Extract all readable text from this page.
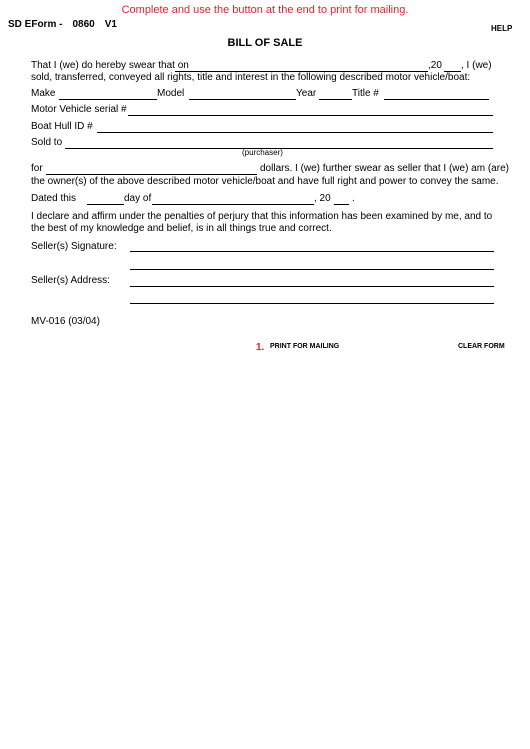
Complete and use the button at the end to print for mailing.
SD EForm - 0860 V1	HELP
BILL OF SALE
That I (we) do hereby swear that on	,20 , I (we)
sold, transferred, conveyed all rights, title and interest in the following described motor vehicle/boat:
Make	Model	Year	Title #
Motor Vehicle serial #
Boat Hull ID #
Sold to
(purchaser)
for	dollars. I (we) further swear as seller that I (we) am (are)
the owner(s) of the above described motor vehicle/boat and have full right and power to convey the same.
Dated this	day of	, 20 .
I declare and affirm under the penalties of perjury that this information has been examined by me, and to
the best of my knowledge and belief, is in all things true and correct.
Seller(s) Signature:
Seller(s) Address:
MV-016 (03/04)
1. PRINT FOR MAILING	CLEAR FORM
